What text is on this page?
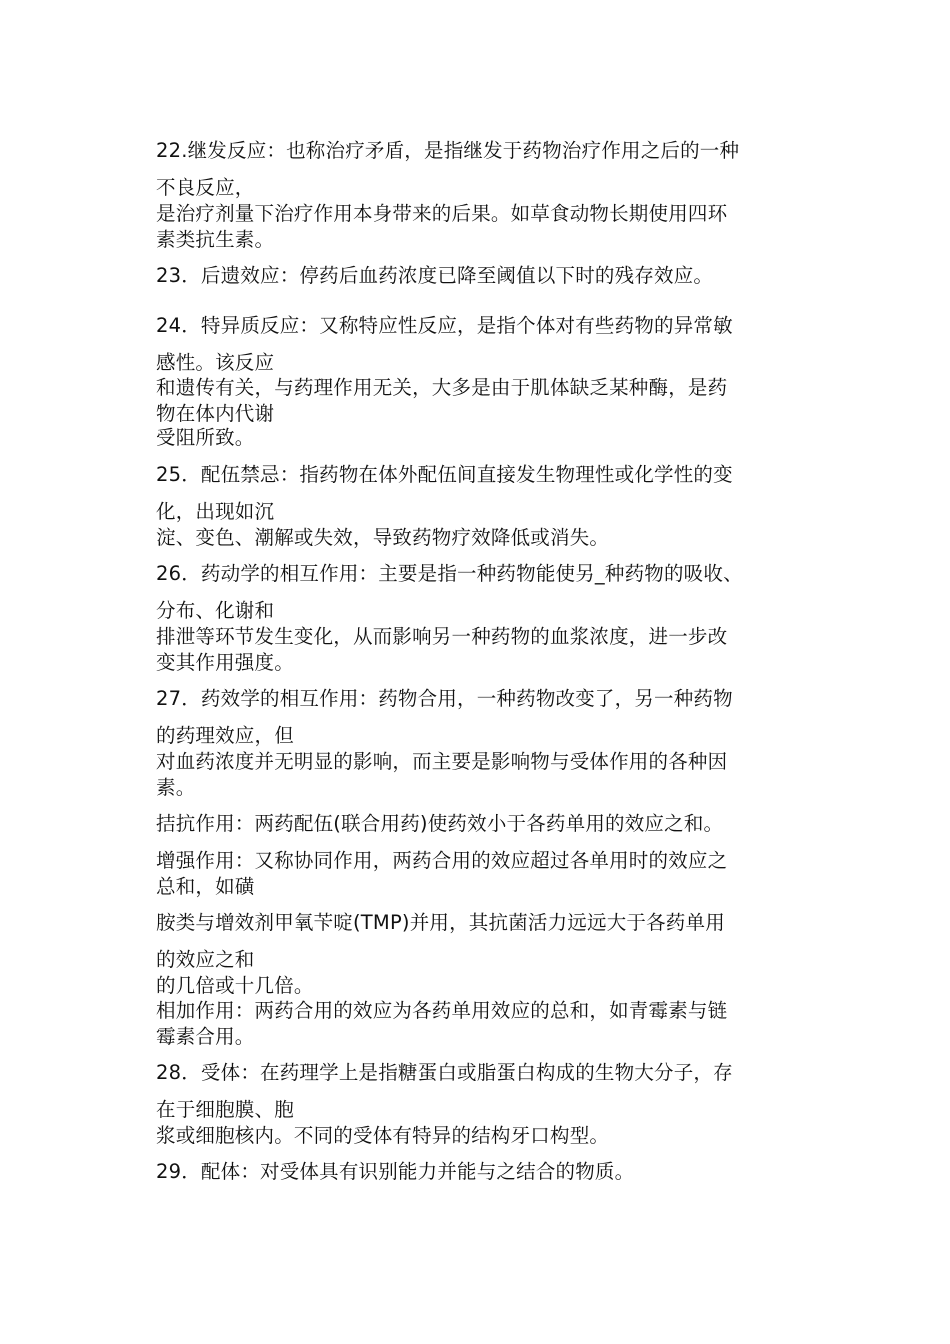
22.继发反应：也称治疗矛盾，是指继发于药物治疗作用之后的一种

不良反应，

是治疗剂量下治疗作用本身带来的后果。如草食动物长期使用四环

素类抗生素。

23．后遗效应：停药后血药浓度已降至阈值以下时的残存效应。

24．特异质反应：又称特应性反应，是指个体对有些药物的异常敏

感性。该反应

和遗传有关，与药理作用无关，大多是由于肌体缺乏某种酶，是药

物在体内代谢

受阻所致。

25．配伍禁忌：指药物在体外配伍间直接发生物理性或化学性的变

化，出现如沉

淀、变色、潮解或失效，导致药物疗效降低或消失。

26．药动学的相互作用：主要是指一种药物能使另_种药物的吸收、

分布、化谢和

排泄等环节发生变化，从而影响另一种药物的血浆浓度，进一步改

变其作用强度。

27．药效学的相互作用：药物合用，一种药物改变了，另一种药物

的药理效应，但

对血药浓度并无明显的影响，而主要是影响物与受体作用的各种因

素。

拮抗作用：两药配伍(联合用药)使药效小于各药单用的效应之和。

增强作用：又称协同作用，两药合用的效应超过各单用时的效应之

总和，如磺

胺类与增效剂甲氧苄啶(TMP)并用，其抗菌活力远远大于各药单用

的效应之和

的几倍或十几倍。

相加作用：两药合用的效应为各药单用效应的总和，如青霉素与链

霉素合用。

28．受体：在药理学上是指糖蛋白或脂蛋白构成的生物大分子，存

在于细胞膜、胞

浆或细胞核内。不同的受体有特异的结构牙口构型。

29．配体：对受体具有识别能力并能与之结合的物质。
